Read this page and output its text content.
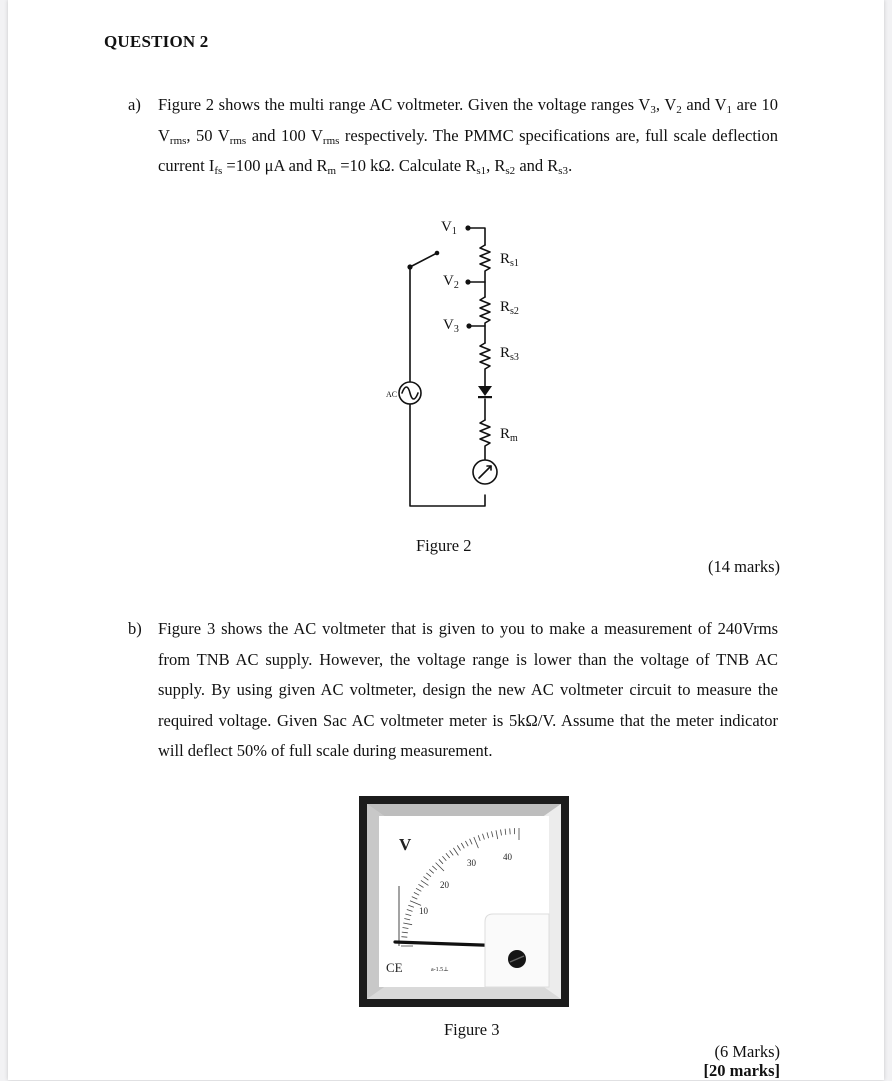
QUESTION 2
a) Figure 2 shows the multi range AC voltmeter. Given the voltage ranges $V_3$, $V_2$ and $V_1$ are 10 $V_{rms}$, 50 $V_{rms}$ and 100 $V_{rms}$ respectively. The PMMC specifications are, full scale deflection current $I_{fs} =100$ μA and $R_m =10$ kΩ. Calculate $R_{s1}$, $R_{s2}$ and $R_{s3}$.
$V_1$
$V_2$
$V_3$
$R_{s1}$
$R_{s2}$
$R_{s3}$
$R_m$
AC
Figure 2
(14 marks)
b) Figure 3 shows the AC voltmeter that is given to you to make a measurement of 240Vrms from TNB AC supply. However, the voltage range is lower than the voltage of TNB AC supply. By using given AC voltmeter, design the new AC voltmeter circuit to measure the required voltage. Given Sac AC voltmeter meter is 5kΩ/V. Assume that the meter indicator will deflect 50% of full scale during measurement.
V
10
20
30
40
CE	a-1.5⊥
Figure 3
(6 Marks)
[20 marks]
